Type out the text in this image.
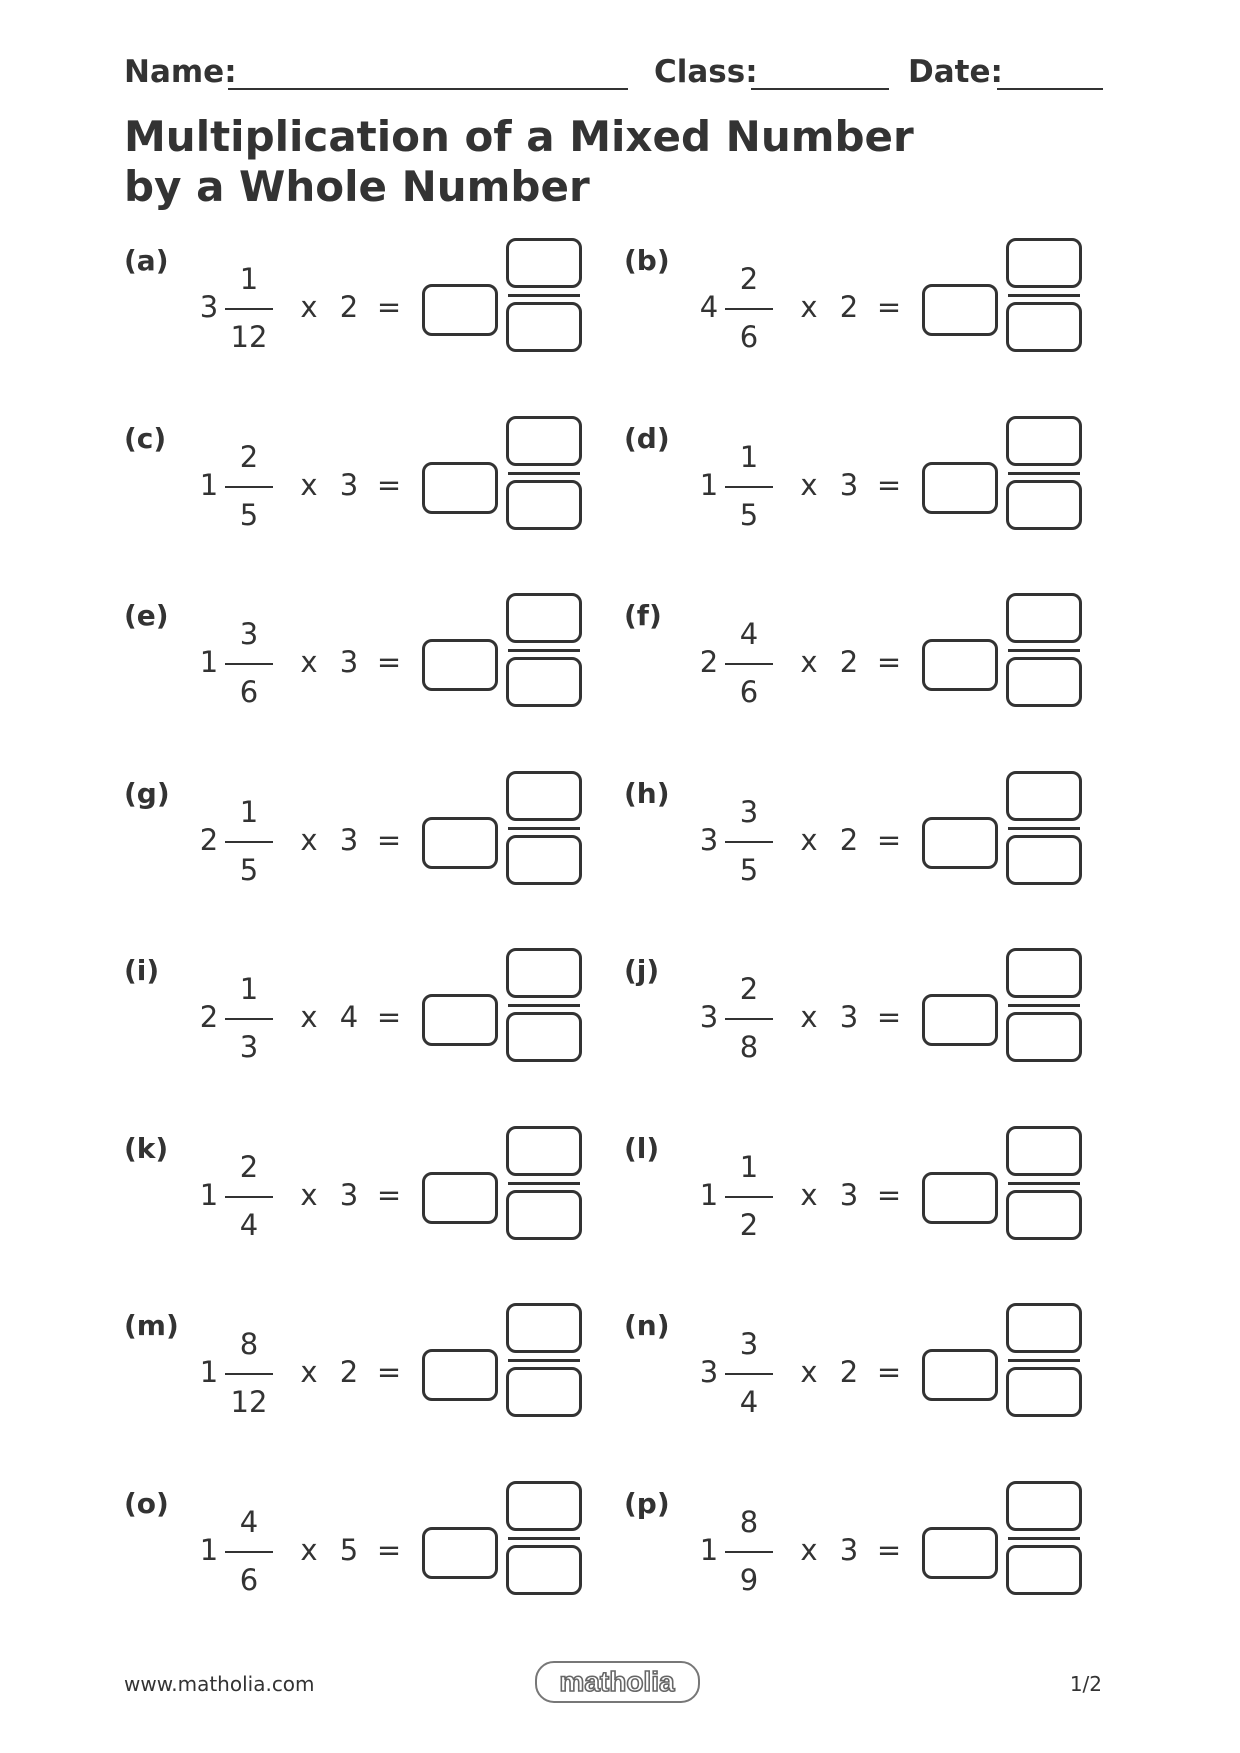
Name:	Class:	Date:
Multiplication of a Mixed Number
by a Whole Number
(a)
3
1
12
x 2 =
(b)
4
2
6
x 2 =
(c)
1
2
5
x 3 =
(d)
1
1
5
x 3 =
(e)
1
3
6
x 3 =
(f)
2
4
6
x 2 =
(g)
2
1
5
x 3 =
(h)
3
3
5
x 2 =
(i)
2
1
3
x 4 =
(j)
3
2
8
x 3 =
(k)
1
2
4
x 3 =
(l)
1
1
2
x 3 =
(m)
1
8
12
x 2 =
(n)
3
3
4
x 2 =
(o)
1
4
6
x 5 =
(p)
1
8
9
x 3 =
www.matholia.com	matholia	1/2
